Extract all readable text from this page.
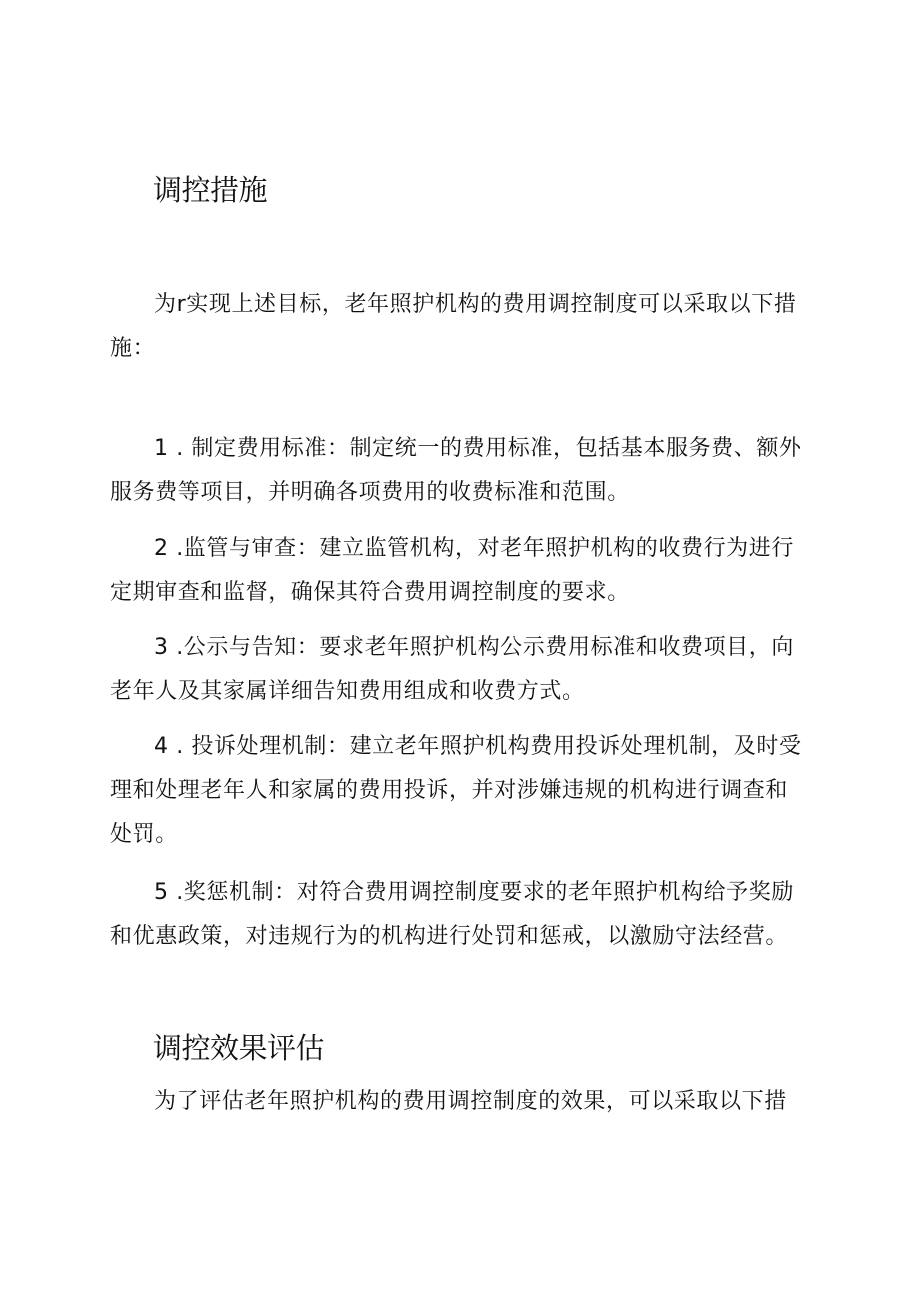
调控措施
为r实现上述目标，老年照护机构的费用调控制度可以采取以下措
施：
1 . 制定费用标准：制定统一的费用标准，包括基本服务费、额外
服务费等项目，并明确各项费用的收费标准和范围。
2 .监管与审查：建立监管机构，对老年照护机构的收费行为进行
定期审查和监督，确保其符合费用调控制度的要求。
3 .公示与告知：要求老年照护机构公示费用标准和收费项目，向
老年人及其家属详细告知费用组成和收费方式。
4 . 投诉处理机制：建立老年照护机构费用投诉处理机制，及时受
理和处理老年人和家属的费用投诉，并对涉嫌违规的机构进行调查和
处罚。
5 .奖惩机制：对符合费用调控制度要求的老年照护机构给予奖励
和优惠政策，对违规行为的机构进行处罚和惩戒，以激励守法经营。
调控效果评估
为了评估老年照护机构的费用调控制度的效果，可以采取以下措
